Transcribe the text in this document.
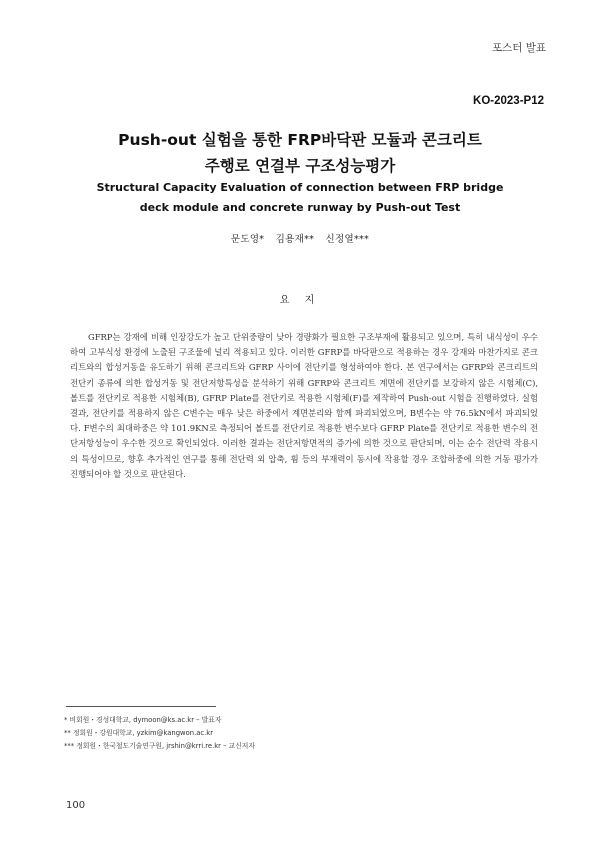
포스터 발표
KO-2023-P12
Push-out 실험을 통한 FRP바닥판 모듈과 콘크리트
주행로 연결부 구조성능평가
Structural Capacity Evaluation of connection between FRP bridge
deck module and concrete runway by Push-out Test
문도영* 김용재** 신정열***
요 지
GFRP는 강재에 비해 인장강도가 높고 단위중량이 낮아 경량화가 필요한 구조부재에 활용되고 있으며, 특히 내식성이 우수하여 고부식성 환경에 노출된 구조물에 널리 적용되고 있다. 이러한 GFRP를 바닥판으로 적용하는 경우 강재와 마찬가지로 콘크리트와의 합성거동을 유도하기 위해 콘크리트와 GFRP 사이에 전단키를 형성하여야 한다. 본 연구에서는 GFRP와 콘크리트의 전단키 종류에 의한 합성거동 및 전단저항특성을 분석하기 위해 GFRP와 콘크리트 계면에 전단키를 보강하지 않은 시험체(C), 볼트를 전단키로 적용한 시험체(B), GFRP Plate를 전단키로 적용한 시험체(F)를 제작하여 Push-out 시험을 진행하였다. 실험결과, 전단키를 적용하지 않은 C변수는 매우 낮은 하중에서 계면분리와 함께 파괴되었으며, B변수는 약 76.5kN에서 파괴되었다. F변수의 최대하중은 약 101.9KN로 측정되어 볼트를 전단키로 적용한 변수보다 GFRP Plate를 전단키로 적용한 변수의 전단저항성능이 우수한 것으로 확인되었다. 이러한 결과는 전단저항면적의 증가에 의한 것으로 판단되며, 이는 순수 전단력 작용시의 특성이므로, 향후 추가적인 연구를 통해 전단력 외 압축, 휨 등의 부재력이 동시에 작용할 경우 조합하중에 의한 거동 평가가 진행되어야 할 것으로 판단된다.
* 비회원・경성대학교, dymoon@ks.ac.kr – 발표자
** 정회원・강원대학교, yzkim@kangwon.ac.kr
*** 정회원・한국철도기술연구원, jrshin@krri.re.kr – 교신저자
100
